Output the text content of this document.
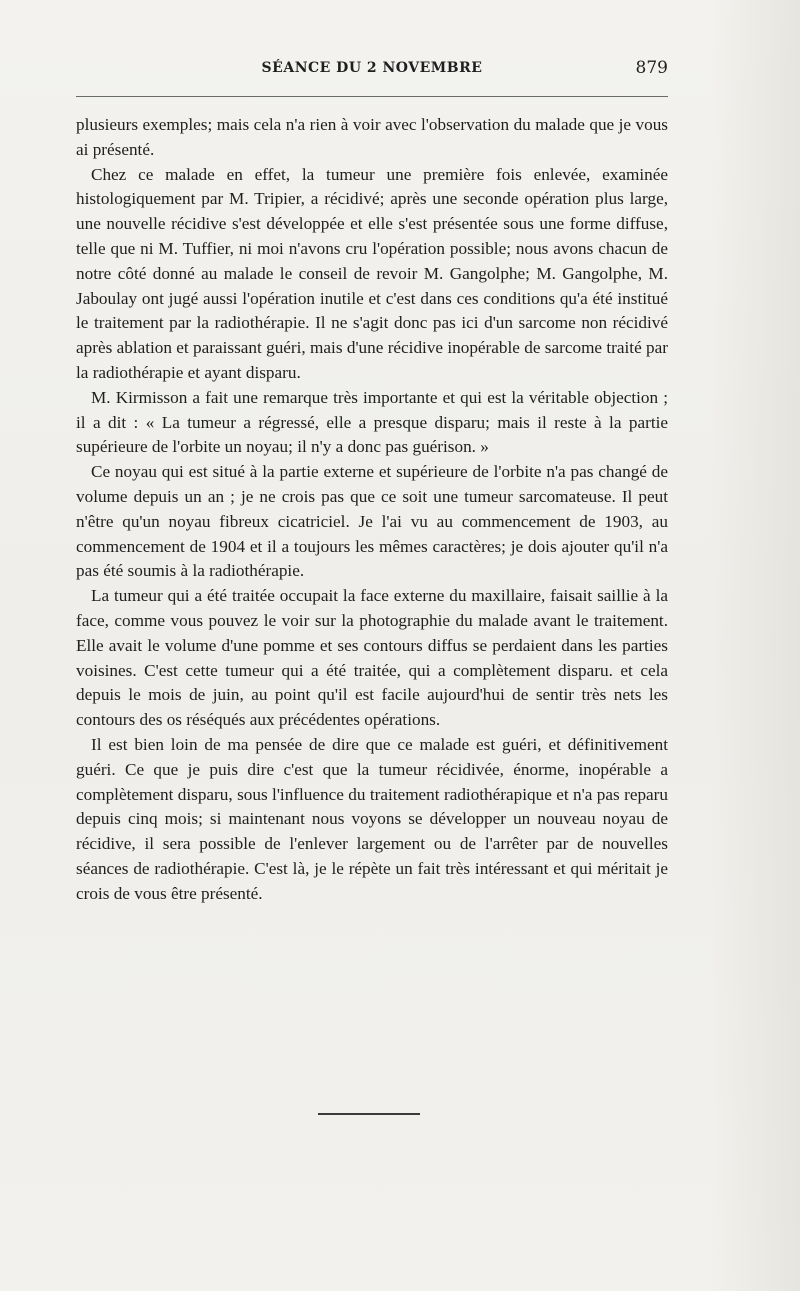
SÉANCE DU 2 NOVEMBRE	879

plusieurs exemples; mais cela n'a rien à voir avec l'observation du malade que je vous ai présenté.

Chez ce malade en effet, la tumeur une première fois enlevée, examinée histologiquement par M. Tripier, a récidivé; après une seconde opération plus large, une nouvelle récidive s'est développée et elle s'est présentée sous une forme diffuse, telle que ni M. Tuffier, ni moi n'avons cru l'opération possible; nous avons chacun de notre côté donné au malade le conseil de revoir M. Gangolphe; M. Gangolphe, M. Jaboulay ont jugé aussi l'opération inutile et c'est dans ces conditions qu'a été institué le traitement par la radiothérapie. Il ne s'agit donc pas ici d'un sarcome non récidivé après ablation et paraissant guéri, mais d'une récidive inopérable de sarcome traité par la radiothérapie et ayant disparu.

M. Kirmisson a fait une remarque très importante et qui est la véritable objection ; il a dit : « La tumeur a régressé, elle a presque disparu; mais il reste à la partie supérieure de l'orbite un noyau; il n'y a donc pas guérison. »

Ce noyau qui est situé à la partie externe et supérieure de l'orbite n'a pas changé de volume depuis un an ; je ne crois pas que ce soit une tumeur sarcomateuse. Il peut n'être qu'un noyau fibreux cicatriciel. Je l'ai vu au commencement de 1903, au commencement de 1904 et il a toujours les mêmes caractères; je dois ajouter qu'il n'a pas été soumis à la radiothérapie.

La tumeur qui a été traitée occupait la face externe du maxillaire, faisait saillie à la face, comme vous pouvez le voir sur la photographie du malade avant le traitement. Elle avait le volume d'une pomme et ses contours diffus se perdaient dans les parties voisines. C'est cette tumeur qui a été traitée, qui a complètement disparu. et cela depuis le mois de juin, au point qu'il est facile aujourd'hui de sentir très nets les contours des os réséqués aux précédentes opérations.

Il est bien loin de ma pensée de dire que ce malade est guéri, et définitivement guéri. Ce que je puis dire c'est que la tumeur récidivée, énorme, inopérable a complètement disparu, sous l'influence du traitement radiothérapique et n'a pas reparu depuis cinq mois; si maintenant nous voyons se développer un nouveau noyau de récidive, il sera possible de l'enlever largement ou de l'arrêter par de nouvelles séances de radiothérapie. C'est là, je le répète un fait très intéressant et qui méritait je crois de vous être présenté.
